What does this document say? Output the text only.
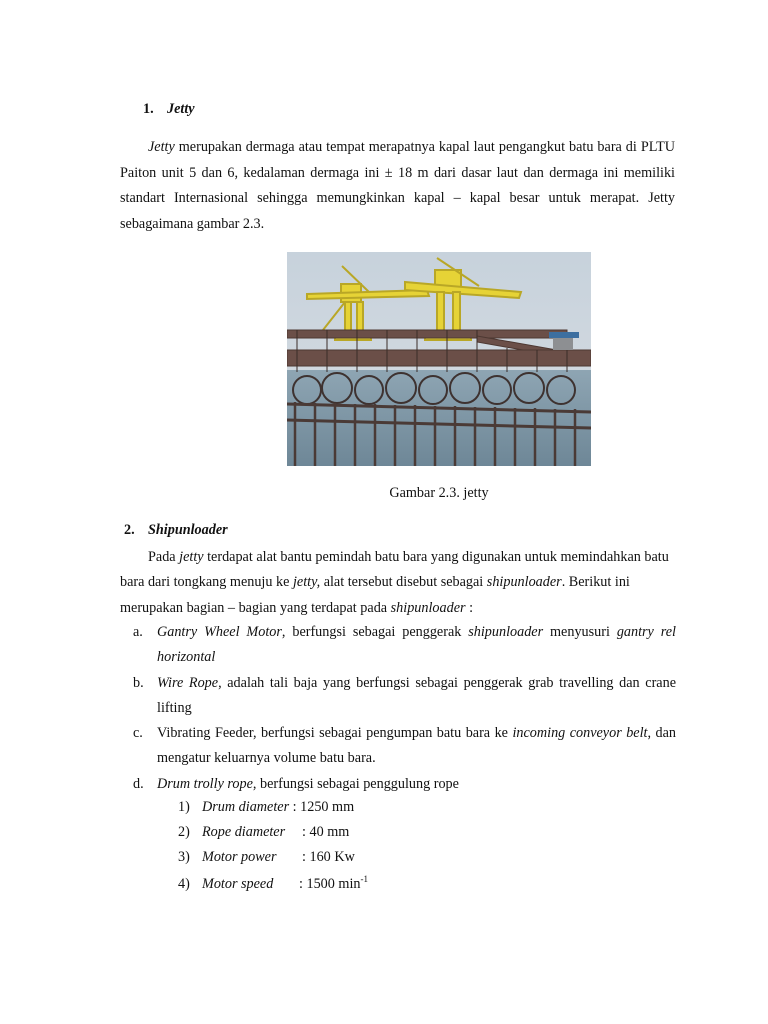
1. Jetty
Jetty merupakan dermaga atau tempat merapatnya kapal laut pengangkut batu bara di PLTU Paiton unit 5 dan 6, kedalaman dermaga ini ± 18 m dari dasar laut dan dermaga ini memiliki standart Internasional sehingga memungkinkan kapal – kapal besar untuk merapat. Jetty sebagaimana gambar 2.3.
Gambar 2.3. jetty
2. Shipunloader
Pada jetty terdapat alat bantu pemindah batu bara yang digunakan untuk memindahkan batu bara dari tongkang menuju ke jetty, alat tersebut disebut sebagai shipunloader. Berikut ini merupakan bagian – bagian yang terdapat pada shipunloader :
a. Gantry Wheel Motor, berfungsi sebagai penggerak shipunloader menyusuri gantry rel horizontal
b. Wire Rope, adalah tali baja yang berfungsi sebagai penggerak grab travelling dan crane lifting
c. Vibrating Feeder, berfungsi sebagai pengumpan batu bara ke incoming conveyor belt, dan mengatur keluarnya volume batu bara.
d. Drum trolly rope, berfungsi sebagai penggulung rope
1) Drum diameter : 1250 mm
2) Rope diameter : 40 mm
3) Motor power : 160 Kw
4) Motor speed : 1500 $\min^{-1}$
